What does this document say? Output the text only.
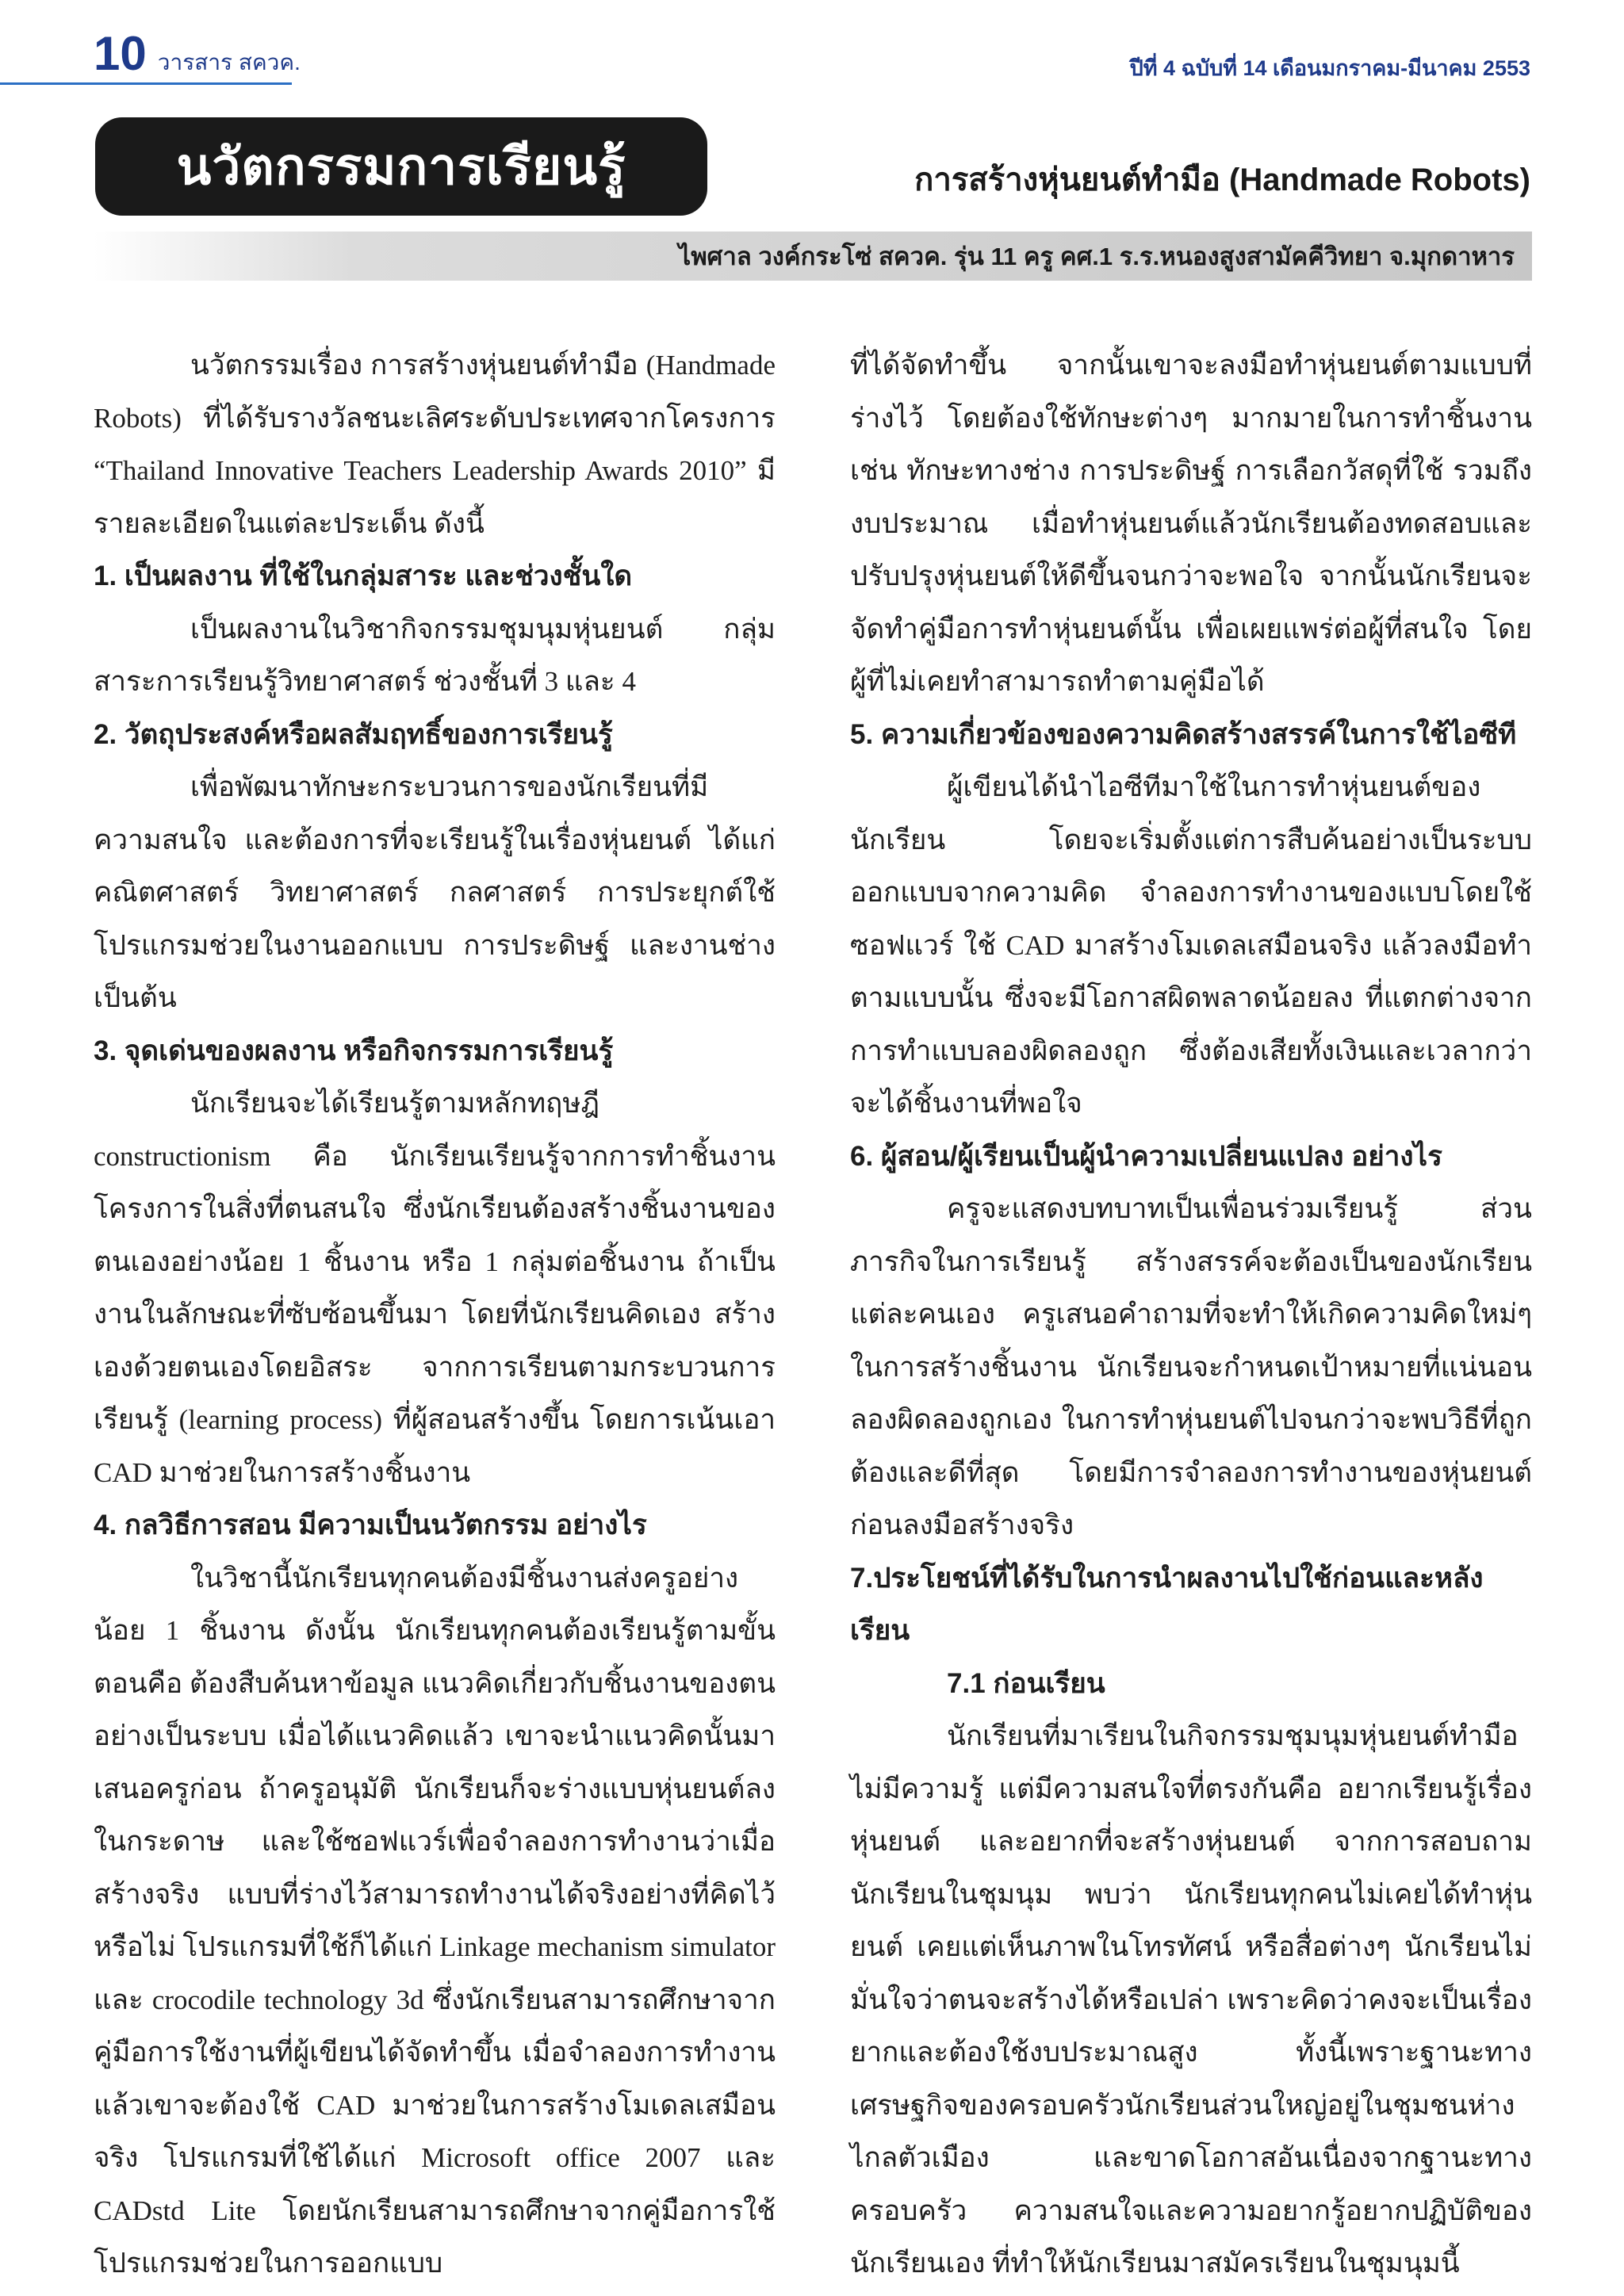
10 วารสาร สควค.	ปีที่ 4 ฉบับที่ 14 เดือนมกราคม-มีนาคม 2553
นวัตกรรมการเรียนรู้	การสร้างหุ่นยนต์ทำมือ (Handmade Robots)
ไพศาล วงค์กระโซ่ สควค. รุ่น 11 ครู คศ.1 ร.ร.หนองสูงสามัคคีวิทยา จ.มุกดาหาร

นวัตกรรมเรื่อง การสร้างหุ่นยนต์ทำมือ (Handmade Robots) ที่ได้รับรางวัลชนะเลิศระดับประเทศจากโครงการ “Thailand Innovative Teachers Leadership Awards 2010” มีรายละเอียดในแต่ละประเด็น ดังนี้

1. เป็นผลงาน ที่ใช้ในกลุ่มสาระ และช่วงชั้นใด

เป็นผลงานในวิชากิจกรรมชุมนุมหุ่นยนต์ กลุ่มสาระการเรียนรู้วิทยาศาสตร์ ช่วงชั้นที่ 3 และ 4

2. วัตถุประสงค์หรือผลสัมฤทธิ์ของการเรียนรู้

เพื่อพัฒนาทักษะกระบวนการของนักเรียนที่มีความสนใจ และต้องการที่จะเรียนรู้ในเรื่องหุ่นยนต์ ได้แก่ คณิตศาสตร์ วิทยาศาสตร์ กลศาสตร์ การประยุกต์ใช้โปรแกรมช่วยในงานออกแบบ การประดิษฐ์ และงานช่าง เป็นต้น

3. จุดเด่นของผลงาน หรือกิจกรรมการเรียนรู้

นักเรียนจะได้เรียนรู้ตามหลักทฤษฎี constructionism คือ นักเรียนเรียนรู้จากการทำชิ้นงาน โครงการในสิ่งที่ตนสนใจ ซึ่งนักเรียนต้องสร้างชิ้นงานของตนเองอย่างน้อย 1 ชิ้นงาน หรือ 1 กลุ่มต่อชิ้นงาน ถ้าเป็นงานในลักษณะที่ซับซ้อนขึ้นมา โดยที่นักเรียนคิดเอง สร้างเองด้วยตนเองโดยอิสระ จากการเรียนตามกระบวนการเรียนรู้ (learning process) ที่ผู้สอนสร้างขึ้น โดยการเน้นเอา CAD มาช่วยในการสร้างชิ้นงาน

4. กลวิธีการสอน มีความเป็นนวัตกรรม อย่างไร

ในวิชานี้นักเรียนทุกคนต้องมีชิ้นงานส่งครูอย่างน้อย 1 ชิ้นงาน ดังนั้น นักเรียนทุกคนต้องเรียนรู้ตามขั้นตอนคือ ต้องสืบค้นหาข้อมูล แนวคิดเกี่ยวกับชิ้นงานของตนอย่างเป็นระบบ เมื่อได้แนวคิดแล้ว เขาจะนำแนวคิดนั้นมาเสนอครูก่อน ถ้าครูอนุมัติ นักเรียนก็จะร่างแบบหุ่นยนต์ลงในกระดาษ และใช้ซอฟแวร์เพื่อจำลองการทำงานว่าเมื่อสร้างจริง แบบที่ร่างไว้สามารถทำงานได้จริงอย่างที่คิดไว้หรือไม่ โปรแกรมที่ใช้ก็ได้แก่ Linkage mechanism simulator และ crocodile technology 3d ซึ่งนักเรียนสามารถศึกษาจากคู่มือการใช้งานที่ผู้เขียนได้จัดทำขึ้น เมื่อจำลองการทำงานแล้วเขาจะต้องใช้ CAD มาช่วยในการสร้างโมเดลเสมือนจริง โปรแกรมที่ใช้ได้แก่ Microsoft office 2007 และ CADstd Lite โดยนักเรียนสามารถศึกษาจากคู่มือการใช้โปรแกรมช่วยในการออกแบบ

ที่ได้จัดทำขึ้น จากนั้นเขาจะลงมือทำหุ่นยนต์ตามแบบที่ร่างไว้ โดยต้องใช้ทักษะต่างๆ มากมายในการทำชิ้นงาน เช่น ทักษะทางช่าง การประดิษฐ์ การเลือกวัสดุที่ใช้ รวมถึงงบประมาณ เมื่อทำหุ่นยนต์แล้วนักเรียนต้องทดสอบและปรับปรุงหุ่นยนต์ให้ดีขึ้นจนกว่าจะพอใจ จากนั้นนักเรียนจะจัดทำคู่มือการทำหุ่นยนต์นั้น เพื่อเผยแพร่ต่อผู้ที่สนใจ โดยผู้ที่ไม่เคยทำสามารถทำตามคู่มือได้

5. ความเกี่ยวข้องของความคิดสร้างสรรค์ในการใช้ไอซีที

ผู้เขียนได้นำไอซีทีมาใช้ในการทำหุ่นยนต์ของนักเรียน โดยจะเริ่มตั้งแต่การสืบค้นอย่างเป็นระบบ ออกแบบจากความคิด จำลองการทำงานของแบบโดยใช้ซอฟแวร์ ใช้ CAD มาสร้างโมเดลเสมือนจริง แล้วลงมือทำตามแบบนั้น ซึ่งจะมีโอกาสผิดพลาดน้อยลง ที่แตกต่างจากการทำแบบลองผิดลองถูก ซึ่งต้องเสียทั้งเงินและเวลากว่าจะได้ชิ้นงานที่พอใจ

6. ผู้สอน/ผู้เรียนเป็นผู้นำความเปลี่ยนแปลง อย่างไร

ครูจะแสดงบทบาทเป็นเพื่อนร่วมเรียนรู้ ส่วนภารกิจในการเรียนรู้ สร้างสรรค์จะต้องเป็นของนักเรียนแต่ละคนเอง ครูเสนอคำถามที่จะทำให้เกิดความคิดใหม่ๆ ในการสร้างชิ้นงาน นักเรียนจะกำหนดเป้าหมายที่แน่นอน ลองผิดลองถูกเอง ในการทำหุ่นยนต์ไปจนกว่าจะพบวิธีที่ถูกต้องและดีที่สุด โดยมีการจำลองการทำงานของหุ่นยนต์ก่อนลงมือสร้างจริง

7.ประโยชน์ที่ได้รับในการนำผลงานไปใช้ก่อนและหลังเรียน
7.1 ก่อนเรียน

นักเรียนที่มาเรียนในกิจกรรมชุมนุมหุ่นยนต์ทำมือ ไม่มีความรู้ แต่มีความสนใจที่ตรงกันคือ อยากเรียนรู้เรื่องหุ่นยนต์ และอยากที่จะสร้างหุ่นยนต์ จากการสอบถามนักเรียนในชุมนุม พบว่า นักเรียนทุกคนไม่เคยได้ทำหุ่นยนต์ เคยแต่เห็นภาพในโทรทัศน์ หรือสื่อต่างๆ นักเรียนไม่มั่นใจว่าตนจะสร้างได้หรือเปล่า เพราะคิดว่าคงจะเป็นเรื่องยากและต้องใช้งบประมาณสูง ทั้งนี้เพราะฐานะทางเศรษฐกิจของครอบครัวนักเรียนส่วนใหญ่อยู่ในชุมชนห่างไกลตัวเมือง และขาดโอกาสอันเนื่องจากฐานะทางครอบครัว ความสนใจและความอยากรู้อยากปฏิบัติของนักเรียนเอง ที่ทำให้นักเรียนมาสมัครเรียนในชุมนุมนี้
